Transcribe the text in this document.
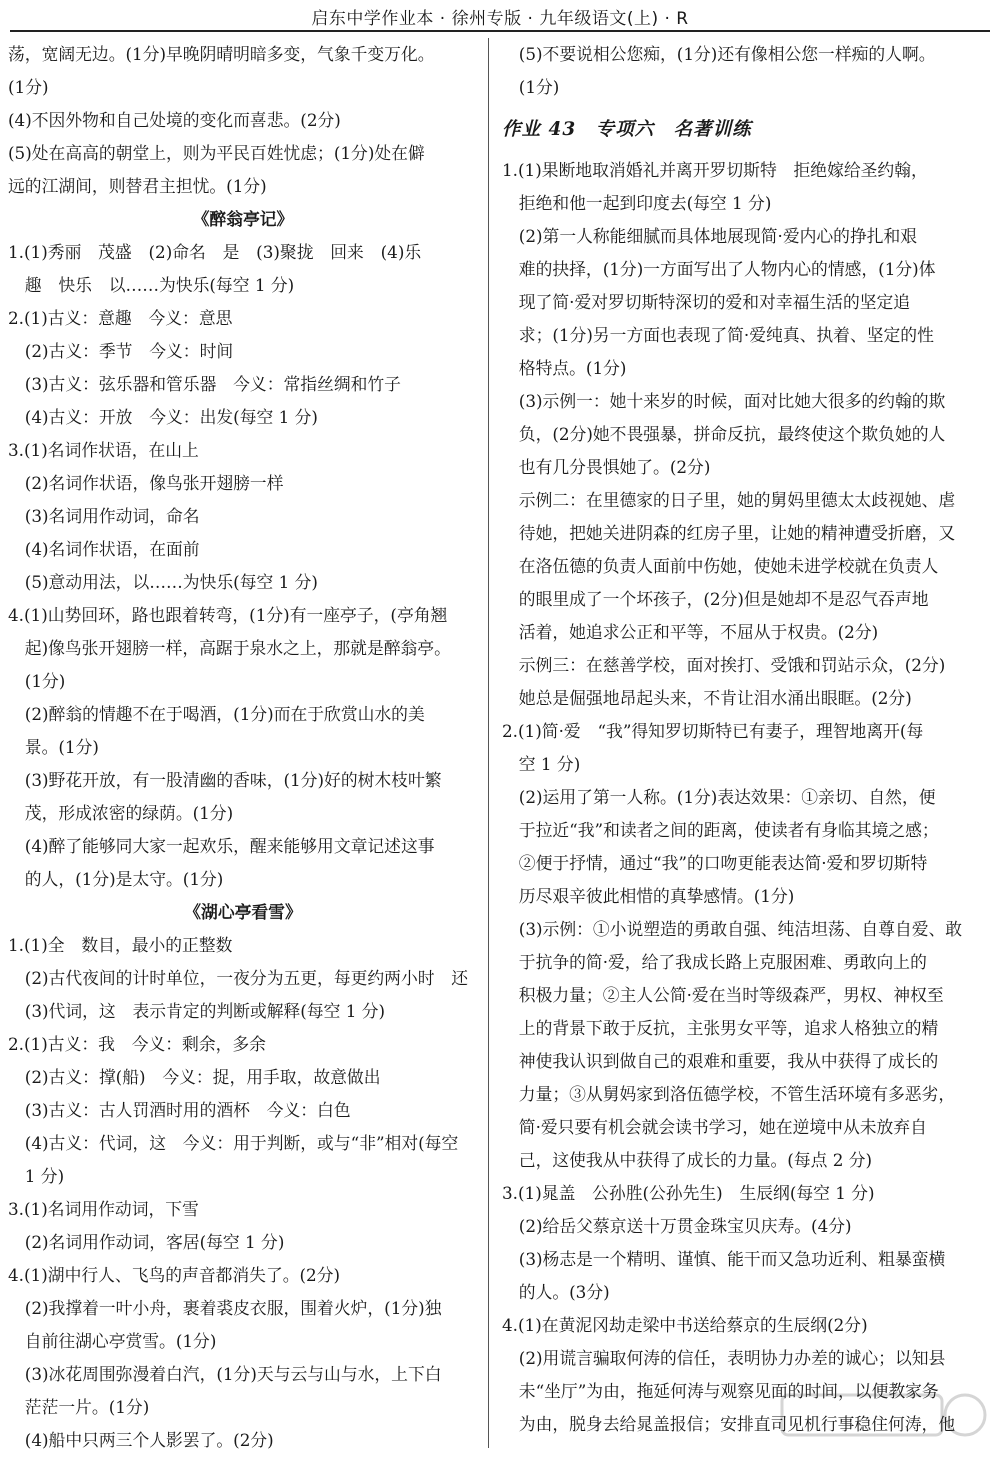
启东中学作业本 · 徐州专版 · 九年级语文(上) · R
荡，宽阔无边。(1分)早晚阴晴明暗多变，气象千变万化。
(1分)
(4)不因外物和自己处境的变化而喜悲。(2分)
(5)处在高高的朝堂上，则为平民百姓忧虑；(1分)处在僻
远的江湖间，则替君主担忧。(1分)
《醉翁亭记》
1.(1)秀丽　茂盛　(2)命名　是　(3)聚拢　回来　(4)乐
　趣　快乐　以……为快乐(每空 1 分)
2.(1)古义：意趣　今义：意思
　(2)古义：季节　今义：时间
　(3)古义：弦乐器和管乐器　今义：常指丝绸和竹子
　(4)古义：开放　今义：出发(每空 1 分)
3.(1)名词作状语，在山上
　(2)名词作状语，像鸟张开翅膀一样
　(3)名词用作动词，命名
　(4)名词作状语，在面前
　(5)意动用法，以……为快乐(每空 1 分)
4.(1)山势回环，路也跟着转弯，(1分)有一座亭子，(亭角翘
　起)像鸟张开翅膀一样，高踞于泉水之上，那就是醉翁亭。
　(1分)
　(2)醉翁的情趣不在于喝酒，(1分)而在于欣赏山水的美
　景。(1分)
　(3)野花开放，有一股清幽的香味，(1分)好的树木枝叶繁
　茂，形成浓密的绿荫。(1分)
　(4)醉了能够同大家一起欢乐，醒来能够用文章记述这事
　的人，(1分)是太守。(1分)
《湖心亭看雪》
1.(1)全　数目，最小的正整数
　(2)古代夜间的计时单位，一夜分为五更，每更约两小时　还
　(3)代词，这　表示肯定的判断或解释(每空 1 分)
2.(1)古义：我　今义：剩余，多余
　(2)古义：撑(船)　今义：捉，用手取，故意做出
　(3)古义：古人罚酒时用的酒杯　今义：白色
　(4)古义：代词，这　今义：用于判断，或与“非”相对(每空
　1 分)
3.(1)名词用作动词，下雪
　(2)名词用作动词，客居(每空 1 分)
4.(1)湖中行人、飞鸟的声音都消失了。(2分)
　(2)我撑着一叶小舟，裹着裘皮衣服，围着火炉，(1分)独
　自前往湖心亭赏雪。(1分)
　(3)冰花周围弥漫着白汽，(1分)天与云与山与水，上下白
　茫茫一片。(1分)
　(4)船中只两三个人影罢了。(2分)
　(5)不要说相公您痴，(1分)还有像相公您一样痴的人啊。
　(1分)
作业 43　专项六　名著训练
1.(1)果断地取消婚礼并离开罗切斯特　拒绝嫁给圣约翰，
　拒绝和他一起到印度去(每空 1 分)
　(2)第一人称能细腻而具体地展现简·爱内心的挣扎和艰
　难的抉择，(1分)一方面写出了人物内心的情感，(1分)体
　现了简·爱对罗切斯特深切的爱和对幸福生活的坚定追
　求；(1分)另一方面也表现了简·爱纯真、执着、坚定的性
　格特点。(1分)
　(3)示例一：她十来岁的时候，面对比她大很多的约翰的欺
　负，(2分)她不畏强暴，拼命反抗，最终使这个欺负她的人
　也有几分畏惧她了。(2分)
　示例二：在里德家的日子里，她的舅妈里德太太歧视她、虐
　待她，把她关进阴森的红房子里，让她的精神遭受折磨，又
　在洛伍德的负责人面前中伤她，使她未进学校就在负责人
　的眼里成了一个坏孩子，(2分)但是她却不是忍气吞声地
　活着，她追求公正和平等，不屈从于权贵。(2分)
　示例三：在慈善学校，面对挨打、受饿和罚站示众，(2分)
　她总是倔强地昂起头来，不肯让泪水涌出眼眶。(2分)
2.(1)简·爱　“我”得知罗切斯特已有妻子，理智地离开(每
　空 1 分)
　(2)运用了第一人称。(1分)表达效果：①亲切、自然，便
　于拉近“我”和读者之间的距离，使读者有身临其境之感；
　②便于抒情，通过“我”的口吻更能表达简·爱和罗切斯特
　历尽艰辛彼此相惜的真挚感情。(1分)
　(3)示例：①小说塑造的勇敢自强、纯洁坦荡、自尊自爱、敢
　于抗争的简·爱，给了我成长路上克服困难、勇敢向上的
　积极力量；②主人公简·爱在当时等级森严，男权、神权至
　上的背景下敢于反抗，主张男女平等，追求人格独立的精
　神使我认识到做自己的艰难和重要，我从中获得了成长的
　力量；③从舅妈家到洛伍德学校，不管生活环境有多恶劣，
　简·爱只要有机会就会读书学习，她在逆境中从未放弃自
　己，这使我从中获得了成长的力量。(每点 2 分)
3.(1)晁盖　公孙胜(公孙先生)　生辰纲(每空 1 分)
　(2)给岳父蔡京送十万贯金珠宝贝庆寿。(4分)
　(3)杨志是一个精明、谨慎、能干而又急功近利、粗暴蛮横
　的人。(3分)
4.(1)在黄泥冈劫走梁中书送给蔡京的生辰纲(2分)
　(2)用谎言骗取何涛的信任，表明协力办差的诚心；以知县
　未“坐厅”为由，拖延何涛与观察见面的时间，以便教家务
　为由，脱身去给晁盖报信；安排直司见机行事稳住何涛，他
